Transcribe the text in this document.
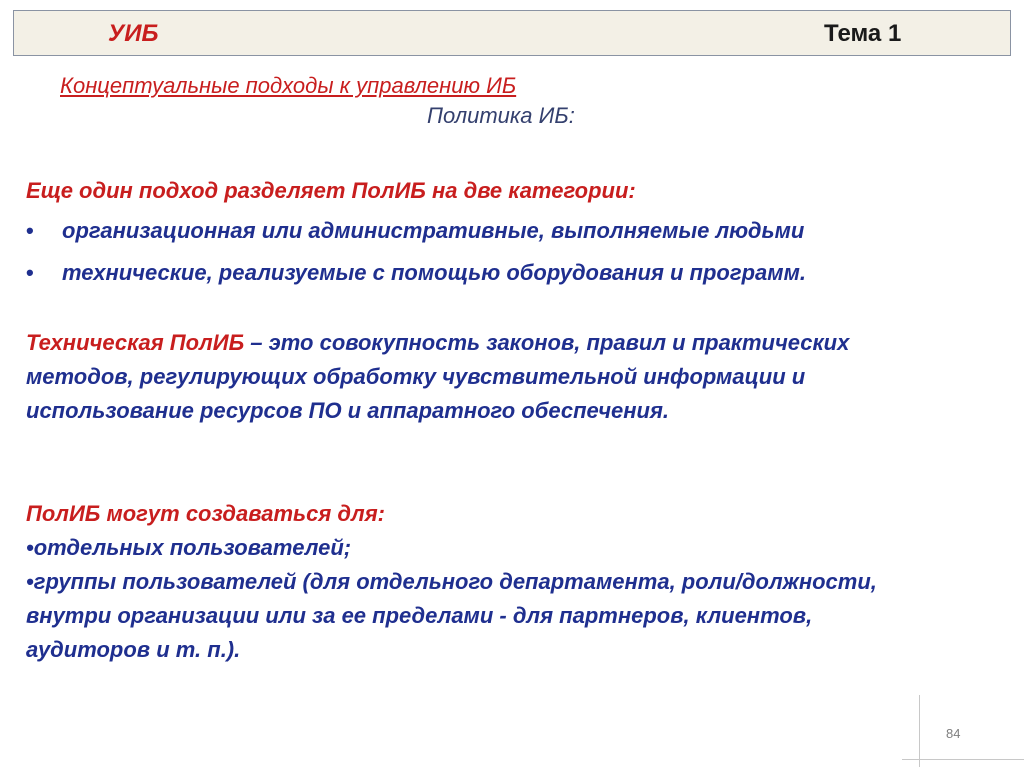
УИБ	Тема 1
Концептуальные подходы к управлению ИБ
Политика ИБ:
Еще один подход разделяет ПолИБ на две категории:
• организационная или административные, выполняемые людьми
• технические, реализуемые с помощью оборудования и программ.
Техническая ПолИБ – это совокупность законов, правил и практических
методов, регулирующих обработку чувствительной информации и
использование ресурсов ПО и аппаратного обеспечения.
ПолИБ могут создаваться для:
•отдельных пользователей;
•группы пользователей (для отдельного департамента, роли/должности,
внутри организации или за ее пределами - для партнеров, клиентов,
аудиторов и т. п.).
84
